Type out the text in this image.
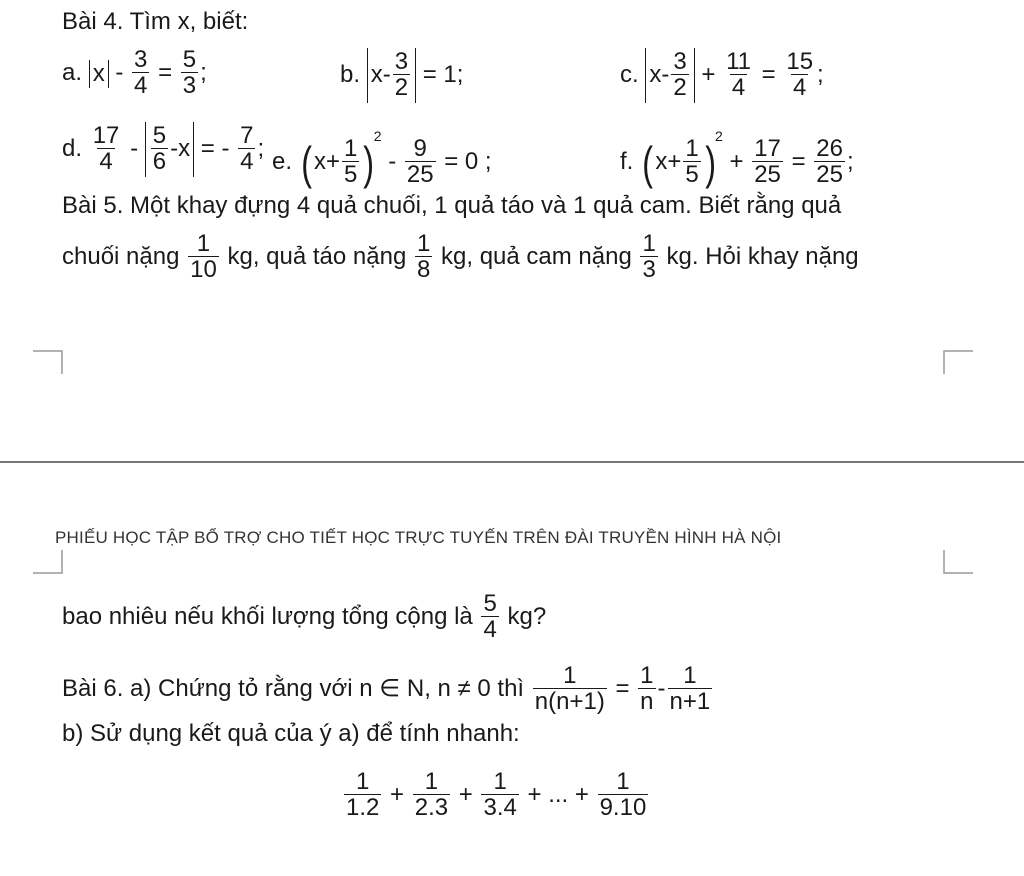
Bài 4. Tìm x, biết:
a. $x - \frac{3}{4} = \frac{5}{3}$ ;	b. $x- \frac{3}{2} = 1$;	c. $x- \frac{3}{2} + \frac{11}{4} = \frac{15}{4}$ ;
d. $\frac{17}{4} - \frac{5}{6} -x$ = - $\frac{7}{4}$ ; e. $(x+ \frac{1}{5} )^2 - \frac{9}{25} = 0$ ;	f. $(x+ \frac{1}{5} )^2 + \frac{17}{25} = \frac{26}{25}$ ;
Bài 5. Một khay đựng 4 quả chuối, 1 quả táo và 1 quả cam. Biết rằng quả
chuối nặng $\frac{1}{10}$ kg, quả táo nặng $\frac{1}{8}$ kg, quả cam nặng $\frac{1}{3}$ kg. Hỏi khay nặng
PHIẾU HỌC TẬP BỔ TRỢ CHO TIẾT HỌC TRỰC TUYẾN TRÊN ĐÀI TRUYỀN HÌNH HÀ NỘI
bao nhiêu nếu khối lượng tổng cộng là $\frac{5}{4}$ kg?
Bài 6. a) Chứng tỏ rằng với n ∈ N, n ≠ 0 thì $\frac{1}{n(n+1)} = \frac{1}{n} - \frac{1}{n+1}$
b) Sử dụng kết quả của ý a) để tính nhanh:
$\frac{1}{1.2} + \frac{1}{2.3} + \frac{1}{3.4}$ + ... + $\frac{1}{9.10}$
